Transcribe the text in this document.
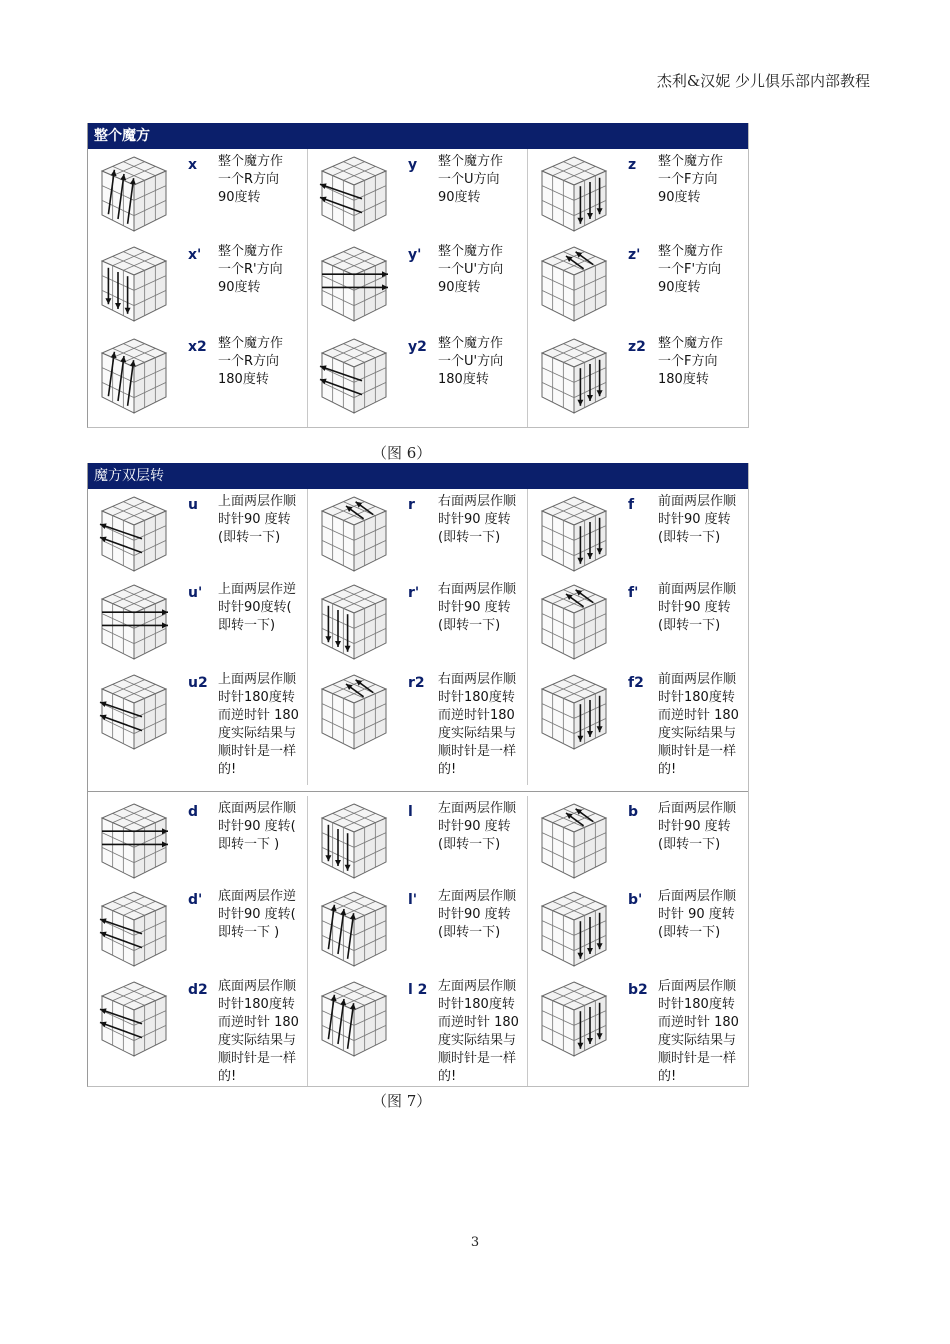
杰利&汉妮 少儿俱乐部内部教程
整个魔方
x 整个魔方作
一个R方向
90度转
y 整个魔方作
一个U方向
90度转
z 整个魔方作
一个F方向
90度转
x' 整个魔方作
一个R'方向
90度转
y' 整个魔方作
一个U'方向
90度转
z' 整个魔方作
一个F'方向
90度转
x2 整个魔方作
一个R方向
180度转
y2 整个魔方作
一个U'方向
180度转
z2 整个魔方作
一个F方向
180度转
（图 6）
魔方双层转
u 上面两层作顺
时针90 度转
(即转一下)
r 右面两层作顺
时针90 度转
(即转一下)
f 前面两层作顺
时针90 度转
(即转一下)
u' 上面两层作逆
时针90度转(
即转一下)
r' 右面两层作顺
时针90 度转
(即转一下)
f' 前面两层作顺
时针90 度转
(即转一下)
u2 上面两层作顺
时针180度转
而逆时针 180
度实际结果与
顺时针是一样
的!
r2 右面两层作顺
时针180度转
而逆时针180
度实际结果与
顺时针是一样
的!
f2 前面两层作顺
时针180度转
而逆时针 180
度实际结果与
顺时针是一样
的!
d 底面两层作顺
时针90 度转(
即转一下 )
l 左面两层作顺
时针90 度转
(即转一下)
b 后面两层作顺
时针90 度转
(即转一下)
d' 底面两层作逆
时针90 度转(
即转一下 )
l' 左面两层作顺
时针90 度转
(即转一下)
b' 后面两层作顺
时针 90 度转
(即转一下)
d2 底面两层作顺
时针180度转
而逆时针 180
度实际结果与
顺时针是一样
的!
l 2 左面两层作顺
时针180度转
而逆时针 180
度实际结果与
顺时针是一样
的!
b2 后面两层作顺
时针180度转
而逆时针 180
度实际结果与
顺时针是一样
的!
（图 7）
3
